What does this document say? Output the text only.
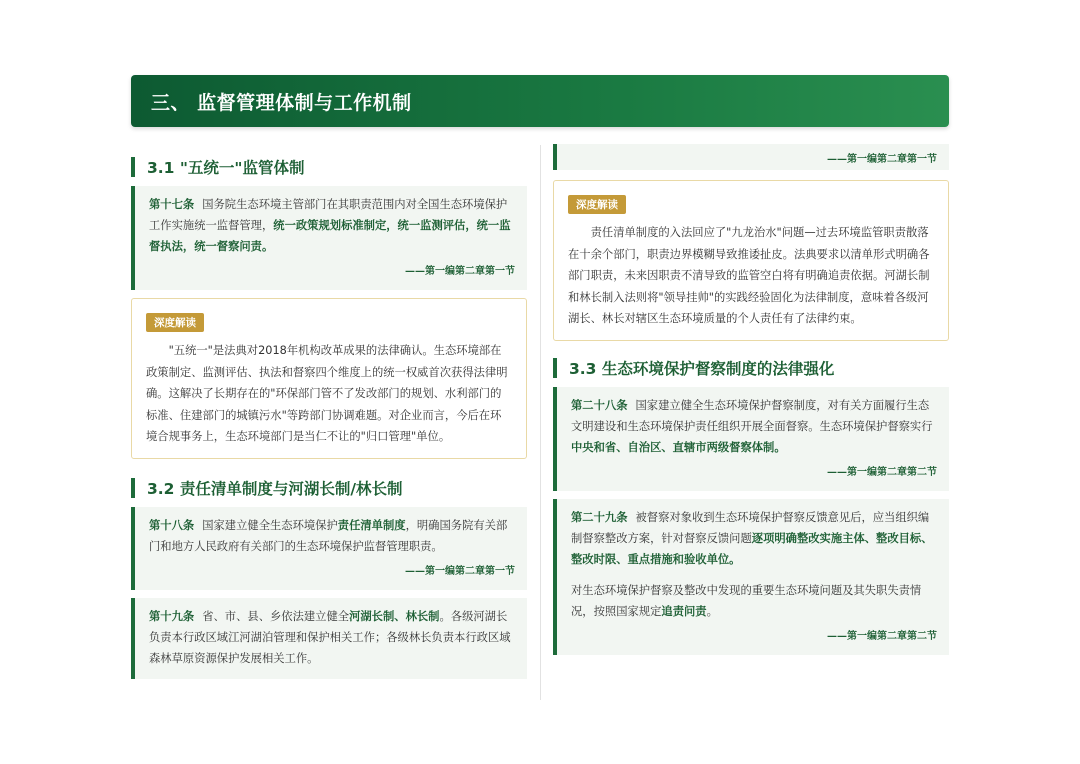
三、 监督管理体制与工作机制
3.1 "五统一"监管体制
第十七条 国务院生态环境主管部门在其职责范围内对全国生态环境保护工作实施统一监督管理，统一政策规划标准制定，统一监测评估，统一监督执法，统一督察问责。
——第一编第二章第一节
深度解读

"五统一"是法典对2018年机构改革成果的法律确认。生态环境部在政策制定、监测评估、执法和督察四个维度上的统一权威首次获得法律明确。这解决了长期存在的"环保部门管不了发改部门的规划、水利部门的标准、住建部门的城镇污水"等跨部门协调难题。对企业而言，今后在环境合规事务上，生态环境部门是当仁不让的"归口管理"单位。

3.2 责任清单制度与河湖长制/林长制
第十八条 国家建立健全生态环境保护责任清单制度，明确国务院有关部门和地方人民政府有关部门的生态环境保护监督管理职责。
——第一编第二章第一节
第十九条 省、市、县、乡依法建立健全河湖长制、林长制。各级河湖长负责本行政区域江河湖泊管理和保护相关工作；各级林长负责本行政区域森林草原资源保护发展相关工作。
——第一编第二章第一节
深度解读

责任清单制度的入法回应了"九龙治水"问题—过去环境监管职责散落在十余个部门，职责边界模糊导致推诿扯皮。法典要求以清单形式明确各部门职责，未来因职责不清导致的监管空白将有明确追责依据。河湖长制和林长制入法则将"领导挂帅"的实践经验固化为法律制度，意味着各级河湖长、林长对辖区生态环境质量的个人责任有了法律约束。

3.3 生态环境保护督察制度的法律强化
第二十八条 国家建立健全生态环境保护督察制度，对有关方面履行生态文明建设和生态环境保护责任组织开展全面督察。生态环境保护督察实行中央和省、自治区、直辖市两级督察体制。
——第一编第二章第二节
第二十九条 被督察对象收到生态环境保护督察反馈意见后，应当组织编制督察整改方案，针对督察反馈问题逐项明确整改实施主体、整改目标、整改时限、重点措施和验收单位。
对生态环境保护督察及整改中发现的重要生态环境问题及其失职失责情况，按照国家规定追责问责。
——第一编第二章第二节
